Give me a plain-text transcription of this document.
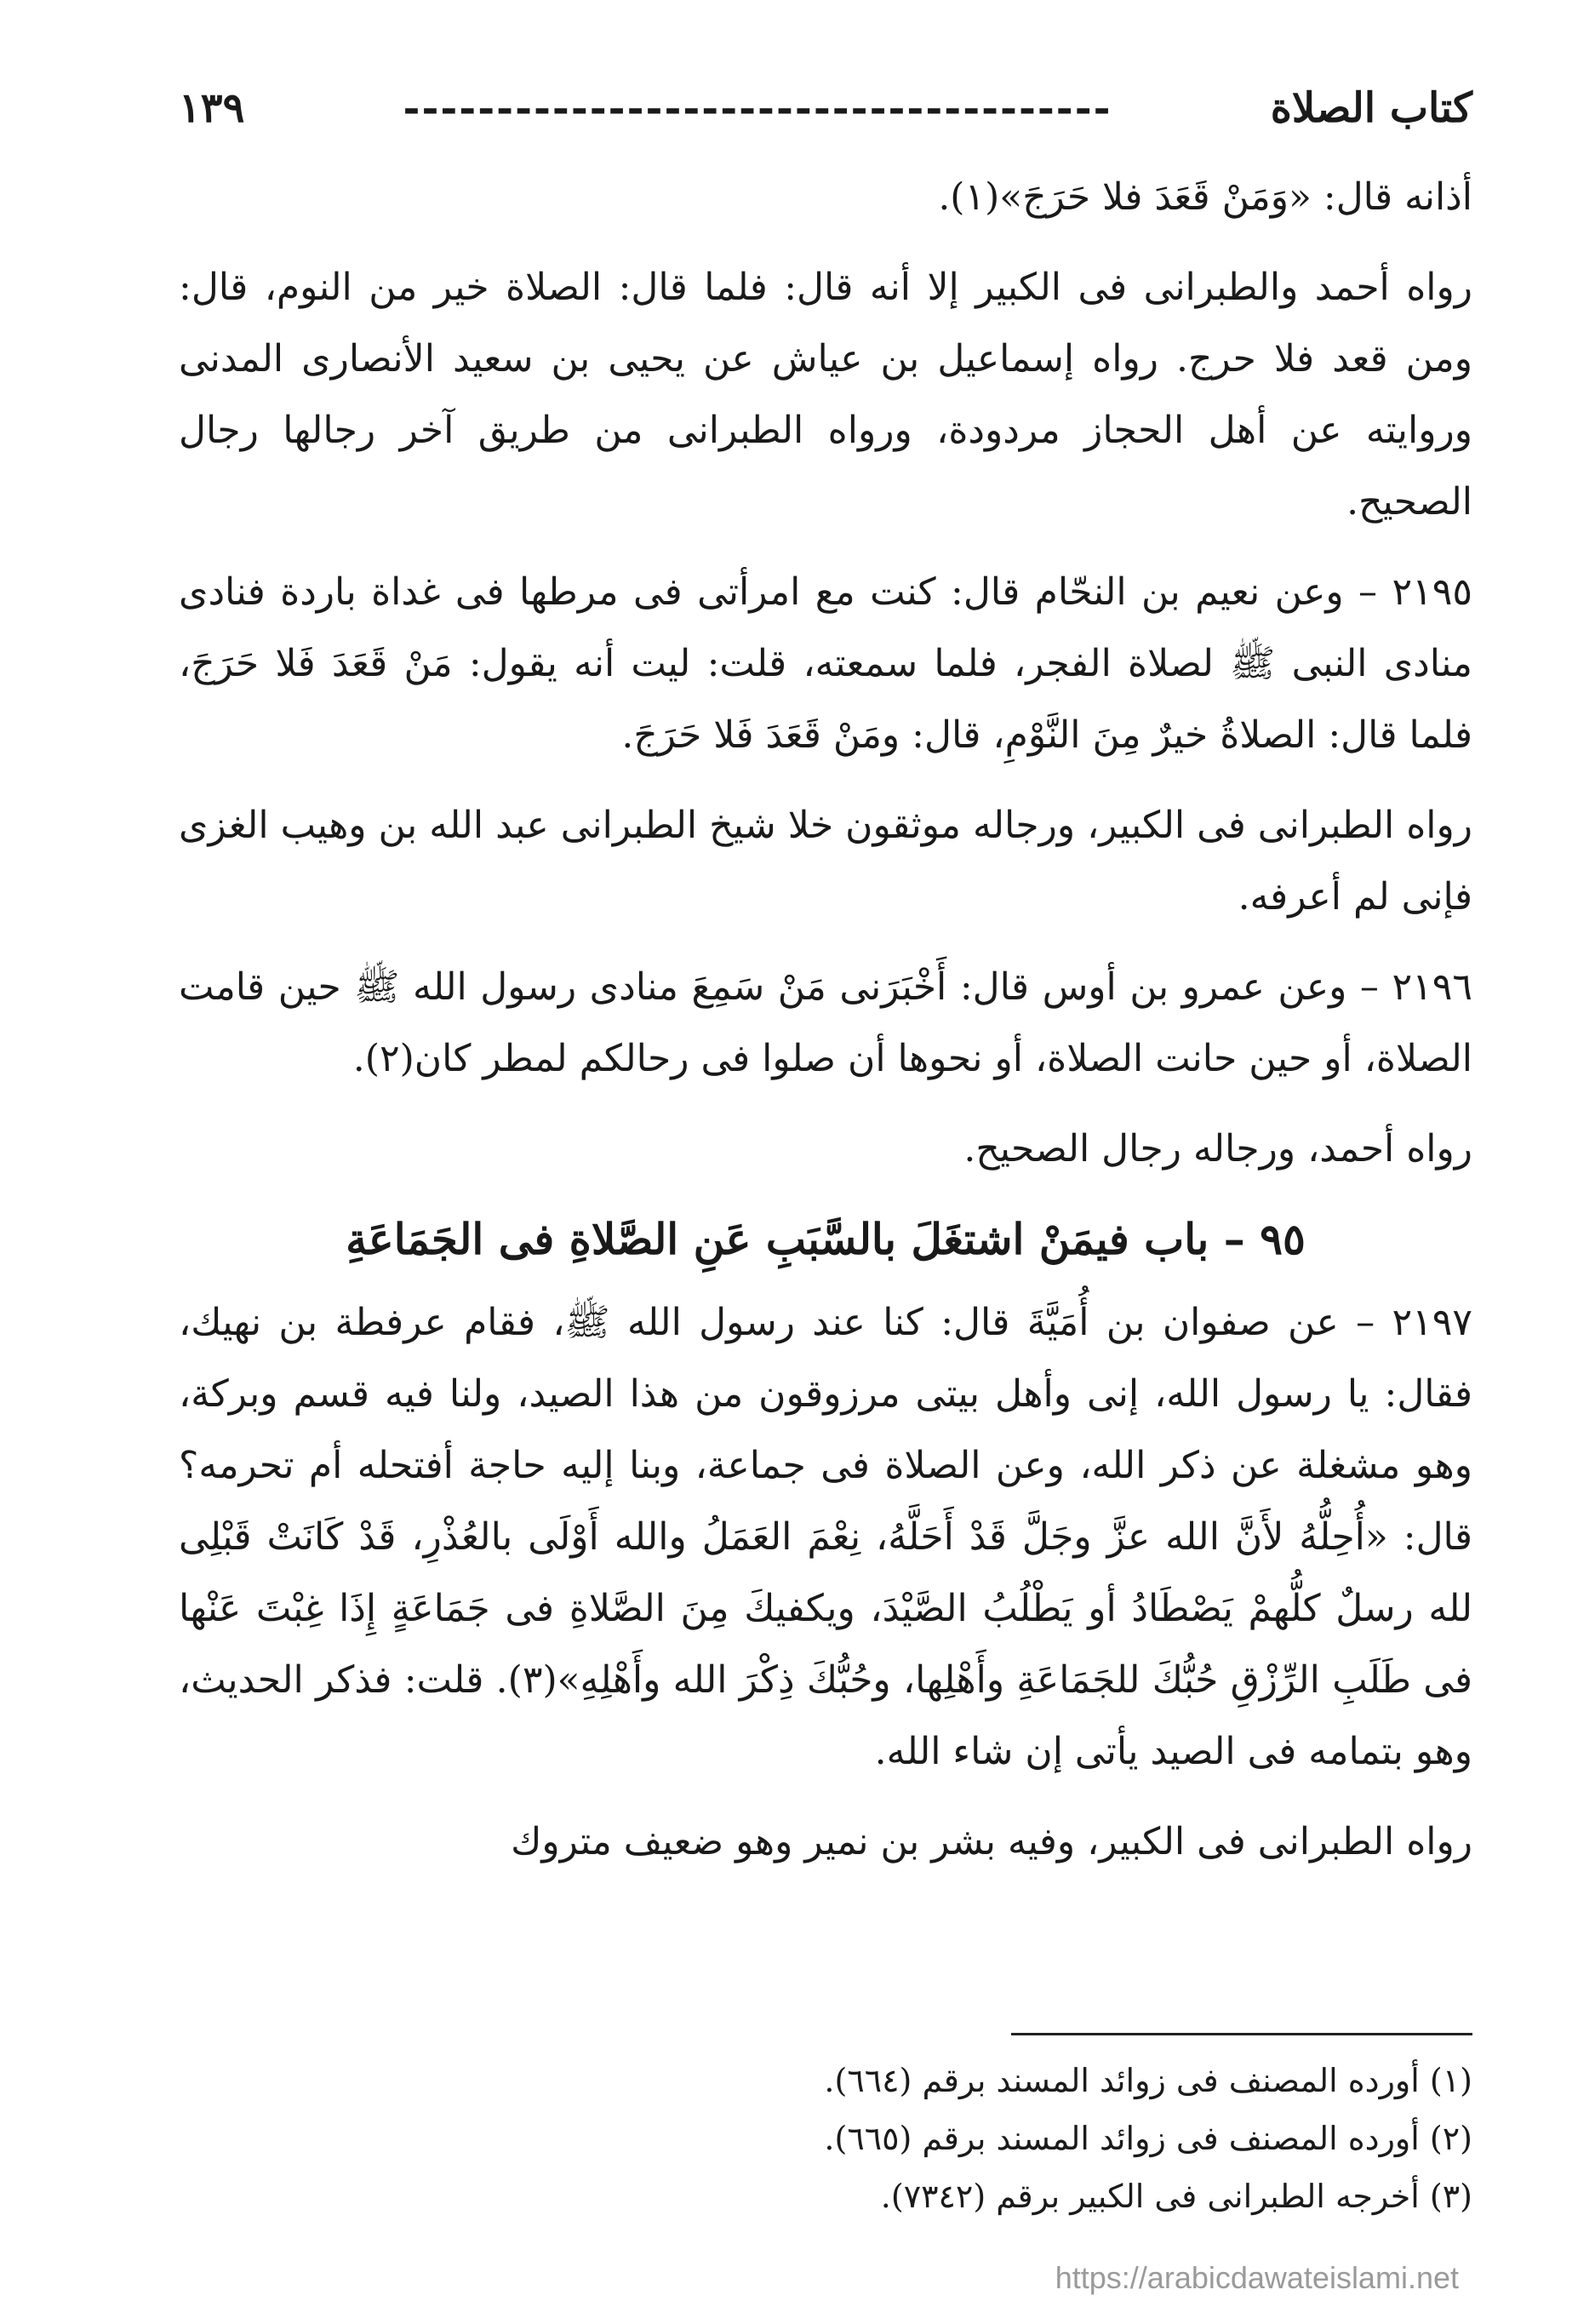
كتاب الصلاة
--------------------------------------
١٣٩

أذانه قال: «وَمَنْ قَعَدَ فلا حَرَجَ»(١).

رواه أحمد والطبرانى فى الكبير إلا أنه قال: فلما قال: الصلاة خير من النوم، قال: ومن قعد فلا حرج. رواه إسماعيل بن عياش عن يحيى بن سعيد الأنصارى المدنى وروايته عن أهل الحجاز مردودة، ورواه الطبرانى من طريق آخر رجالها رجال الصحيح.

٢١٩٥ – وعن نعيم بن النحّام قال: كنت مع امرأتى فى مرطها فى غداة باردة فنادى منادى النبى ﷺ لصلاة الفجر، فلما سمعته، قلت: ليت أنه يقول: مَنْ قَعَدَ فَلا حَرَجَ، فلما قال: الصلاةُ خيرٌ مِنَ النَّوْمِ، قال: ومَنْ قَعَدَ فَلا حَرَجَ.

رواه الطبرانى فى الكبير، ورجاله موثقون خلا شيخ الطبرانى عبد الله بن وهيب الغزى فإنى لم أعرفه.

٢١٩٦ – وعن عمرو بن أوس قال: أَخْبَرَنى مَنْ سَمِعَ منادى رسول الله ﷺ حين قامت الصلاة، أو حين حانت الصلاة، أو نحوها أن صلوا فى رحالكم لمطر كان(٢).

رواه أحمد، ورجاله رجال الصحيح.

٩٥ – باب فيمَنْ اشتغَلَ بالسَّبَبِ عَنِ الصَّلاةِ فى الجَمَاعَةِ

٢١٩٧ – عن صفوان بن أُمَيَّةَ قال: كنا عند رسول الله ﷺ، فقام عرفطة بن نهيك، فقال: يا رسول الله، إنى وأهل بيتى مرزوقون من هذا الصيد، ولنا فيه قسم وبركة، وهو مشغلة عن ذكر الله، وعن الصلاة فى جماعة، وبنا إليه حاجة أفتحله أم تحرمه؟ قال: «أُحِلُّهُ لأَنَّ الله عزَّ وجَلَّ قَدْ أَحَلَّهُ، نِعْمَ العَمَلُ والله أَوْلَى بالعُذْرِ، قَدْ كَانَتْ قَبْلِى لله رسلٌ كلُّهمْ يَصْطَادُ أو يَطْلُبُ الصَّيْدَ، ويكفيكَ مِنَ الصَّلاةِ فى جَمَاعَةٍ إِذَا غِبْتَ عَنْها فى طَلَبِ الرِّزْقِ حُبُّكَ للجَمَاعَةِ وأَهْلِها، وحُبُّكَ ذِكْرَ الله وأَهْلِهِ»(٣). قلت: فذكر الحديث، وهو بتمامه فى الصيد يأتى إن شاء الله.

رواه الطبرانى فى الكبير، وفيه بشر بن نمير وهو ضعيف متروك

(١) أورده المصنف فى زوائد المسند برقم (٦٦٤).
(٢) أورده المصنف فى زوائد المسند برقم (٦٦٥).
(٣) أخرجه الطبرانى فى الكبير برقم (٧٣٤٢).
https://arabicdawateislami.net
